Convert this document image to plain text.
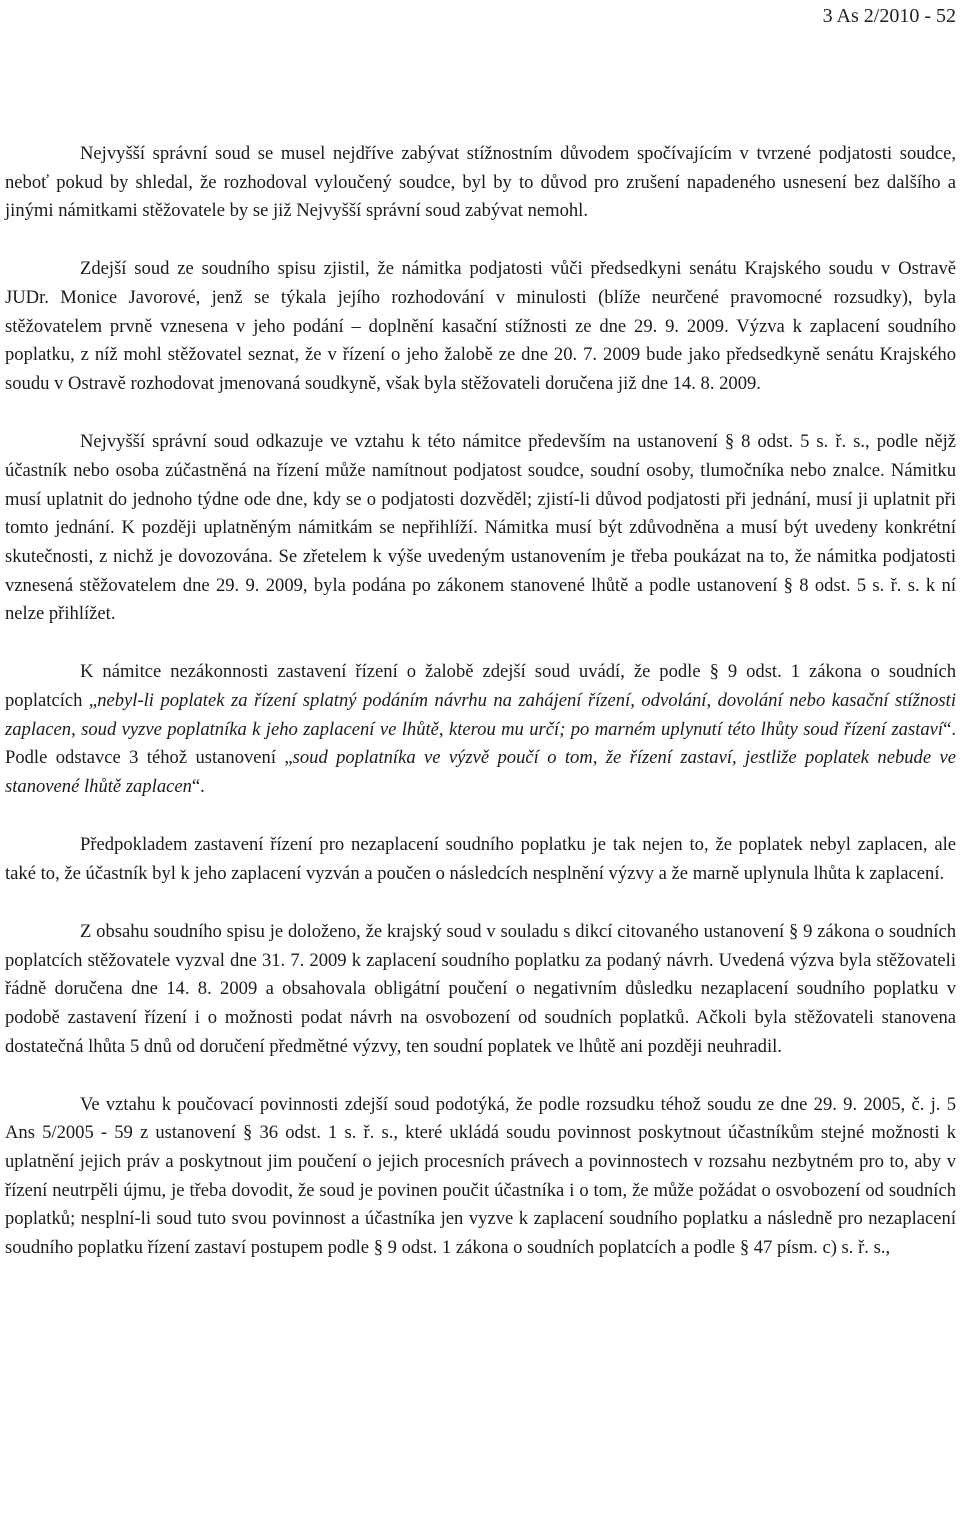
3 As 2/2010 - 52

Nejvyšší správní soud se musel nejdříve zabývat stížnostním důvodem spočívajícím v tvrzené podjatosti soudce, neboť pokud by shledal, že rozhodoval vyloučený soudce, byl by to důvod pro zrušení napadeného usnesení bez dalšího a jinými námitkami stěžovatele by se již Nejvyšší správní soud zabývat nemohl.

Zdejší soud ze soudního spisu zjistil, že námitka podjatosti vůči předsedkyni senátu Krajského soudu v Ostravě JUDr. Monice Javorové, jenž se týkala jejího rozhodování v minulosti (blíže neurčené pravomocné rozsudky), byla stěžovatelem prvně vznesena v jeho podání – doplnění kasační stížnosti ze dne 29. 9. 2009. Výzva k zaplacení soudního poplatku, z níž mohl stěžovatel seznat, že v řízení o jeho žalobě ze dne 20. 7. 2009 bude jako předsedkyně senátu Krajského soudu v Ostravě rozhodovat jmenovaná soudkyně, však byla stěžovateli doručena již dne 14. 8. 2009.

Nejvyšší správní soud odkazuje ve vztahu k této námitce především na ustanovení § 8 odst. 5 s. ř. s., podle nějž účastník nebo osoba zúčastněná na řízení může namítnout podjatost soudce, soudní osoby, tlumočníka nebo znalce. Námitku musí uplatnit do jednoho týdne ode dne, kdy se o podjatosti dozvěděl; zjistí-li důvod podjatosti při jednání, musí ji uplatnit při tomto jednání. K později uplatněným námitkám se nepřihlíží. Námitka musí být zdůvodněna a musí být uvedeny konkrétní skutečnosti, z nichž je dovozována. Se zřetelem k výše uvedeným ustanovením je třeba poukázat na to, že námitka podjatosti vznesená stěžovatelem dne 29. 9. 2009, byla podána po zákonem stanovené lhůtě a podle ustanovení § 8 odst. 5 s. ř. s. k ní nelze přihlížet.

K námitce nezákonnosti zastavení řízení o žalobě zdejší soud uvádí, že podle § 9 odst. 1 zákona o soudních poplatcích „nebyl-li poplatek za řízení splatný podáním návrhu na zahájení řízení, odvolání, dovolání nebo kasační stížnosti zaplacen, soud vyzve poplatníka k jeho zaplacení ve lhůtě, kterou mu určí; po marném uplynutí této lhůty soud řízení zastaví“. Podle odstavce 3 téhož ustanovení „soud poplatníka ve výzvě poučí o tom, že řízení zastaví, jestliže poplatek nebude ve stanovené lhůtě zaplacen“.

Předpokladem zastavení řízení pro nezaplacení soudního poplatku je tak nejen to, že poplatek nebyl zaplacen, ale také to, že účastník byl k jeho zaplacení vyzván a poučen o následcích nesplnění výzvy a že marně uplynula lhůta k zaplacení.

Z obsahu soudního spisu je doloženo, že krajský soud v souladu s dikcí citovaného ustanovení § 9 zákona o soudních poplatcích stěžovatele vyzval dne 31. 7. 2009 k zaplacení soudního poplatku za podaný návrh. Uvedená výzva byla stěžovateli řádně doručena dne 14. 8. 2009 a obsahovala obligátní poučení o negativním důsledku nezaplacení soudního poplatku v podobě zastavení řízení i o možnosti podat návrh na osvobození od soudních poplatků. Ačkoli byla stěžovateli stanovena dostatečná lhůta 5 dnů od doručení předmětné výzvy, ten soudní poplatek ve lhůtě ani později neuhradil.

Ve vztahu k poučovací povinnosti zdejší soud podotýká, že podle rozsudku téhož soudu ze dne 29. 9. 2005, č. j. 5 Ans 5/2005 - 59 z ustanovení § 36 odst. 1 s. ř. s., které ukládá soudu povinnost poskytnout účastníkům stejné možnosti k uplatnění jejich práv a poskytnout jim poučení o jejich procesních právech a povinnostech v rozsahu nezbytném pro to, aby v řízení neutrpěli újmu, je třeba dovodit, že soud je povinen poučit účastníka i o tom, že může požádat o osvobození od soudních poplatků; nesplní-li soud tuto svou povinnost a účastníka jen vyzve k zaplacení soudního poplatku a následně pro nezaplacení soudního poplatku řízení zastaví postupem podle § 9 odst. 1 zákona o soudních poplatcích a podle § 47 písm. c) s. ř. s.,
